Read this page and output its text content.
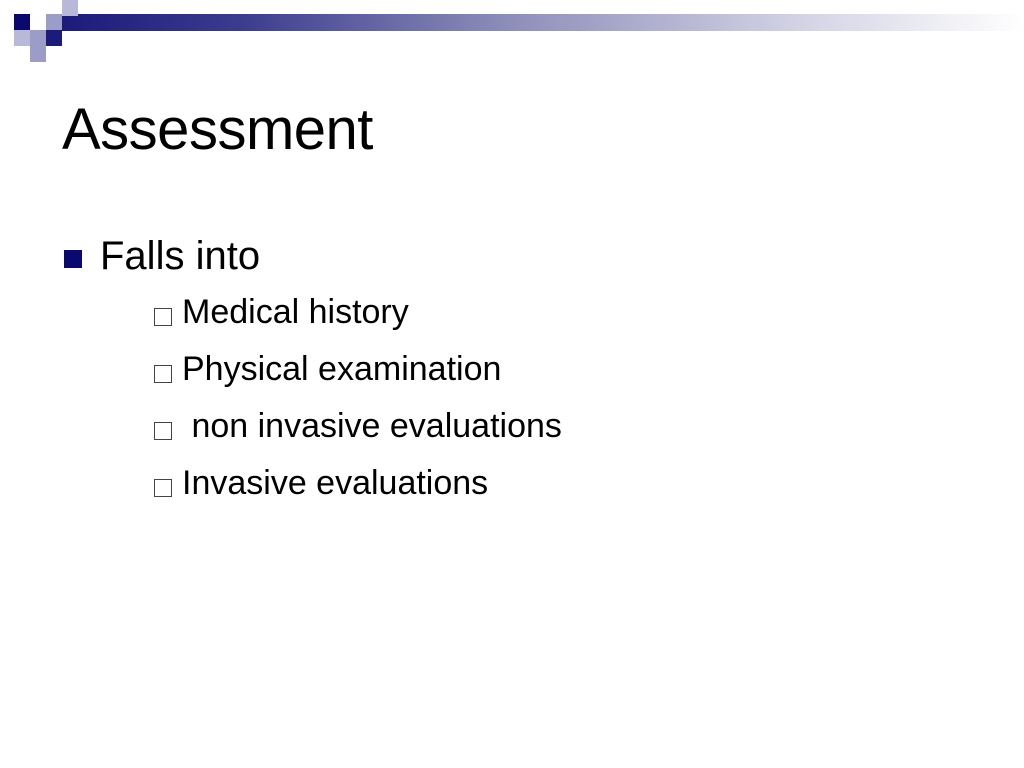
Assessment
Falls into
Medical history
Physical examination
non invasive evaluations
Invasive evaluations
